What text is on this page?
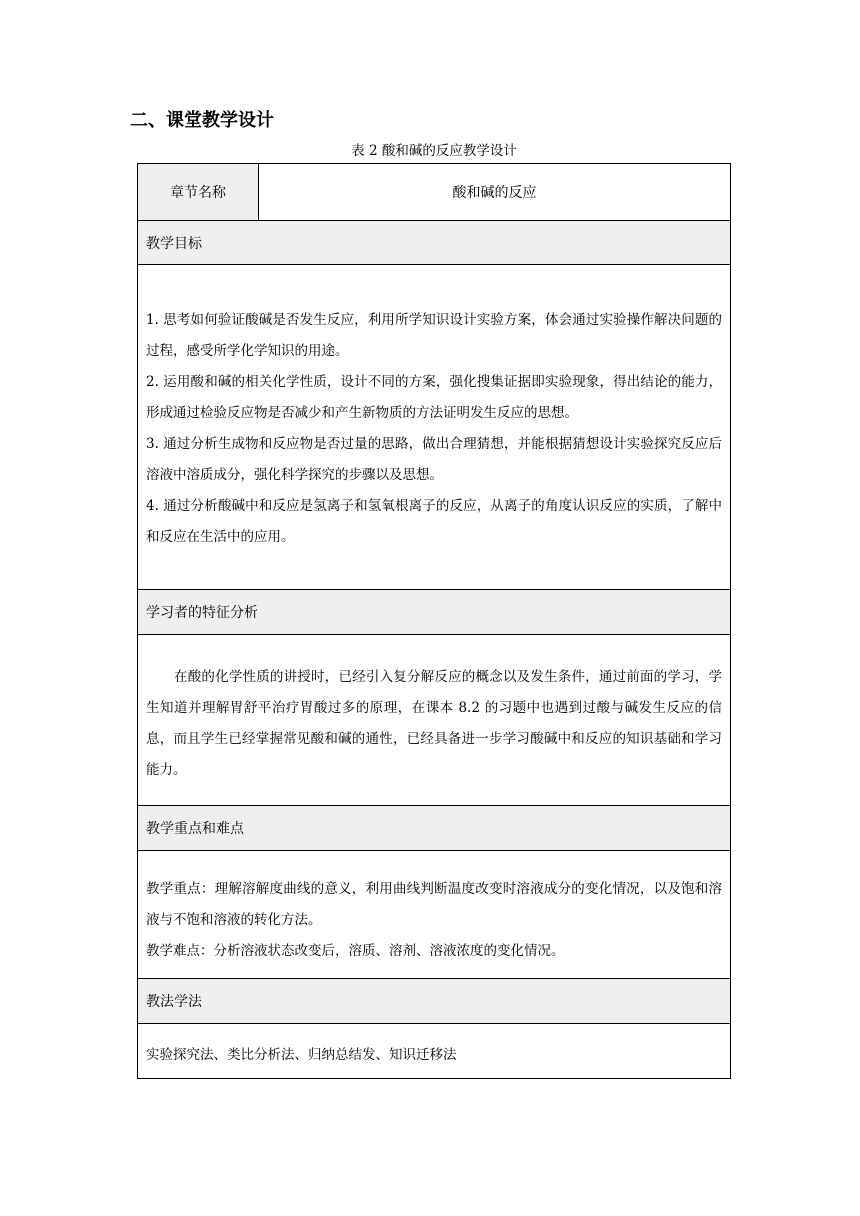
二、课堂教学设计
表 2 酸和碱的反应教学设计
章节名称	酸和碱的反应
教学目标

1. 思考如何验证酸碱是否发生反应，利用所学知识设计实验方案，体会通过实验操作解决问题的过程，感受所学化学知识的用途。

2. 运用酸和碱的相关化学性质，设计不同的方案，强化搜集证据即实验现象，得出结论的能力，形成通过检验反应物是否减少和产生新物质的方法证明发生反应的思想。

3. 通过分析生成物和反应物是否过量的思路，做出合理猜想，并能根据猜想设计实验探究反应后溶液中溶质成分，强化科学探究的步骤以及思想。

4. 通过分析酸碱中和反应是氢离子和氢氧根离子的反应，从离子的角度认识反应的实质，了解中和反应在生活中的应用。

学习者的特征分析

在酸的化学性质的讲授时，已经引入复分解反应的概念以及发生条件，通过前面的学习，学生知道并理解胃舒平治疗胃酸过多的原理，在课本 8.2 的习题中也遇到过酸与碱发生反应的信息，而且学生已经掌握常见酸和碱的通性，已经具备进一步学习酸碱中和反应的知识基础和学习能力。

教学重点和难点

教学重点：理解溶解度曲线的意义，利用曲线判断温度改变时溶液成分的变化情况，以及饱和溶液与不饱和溶液的转化方法。

教学难点：分析溶液状态改变后，溶质、溶剂、溶液浓度的变化情况。

教法学法

实验探究法、类比分析法、归纳总结发、知识迁移法
